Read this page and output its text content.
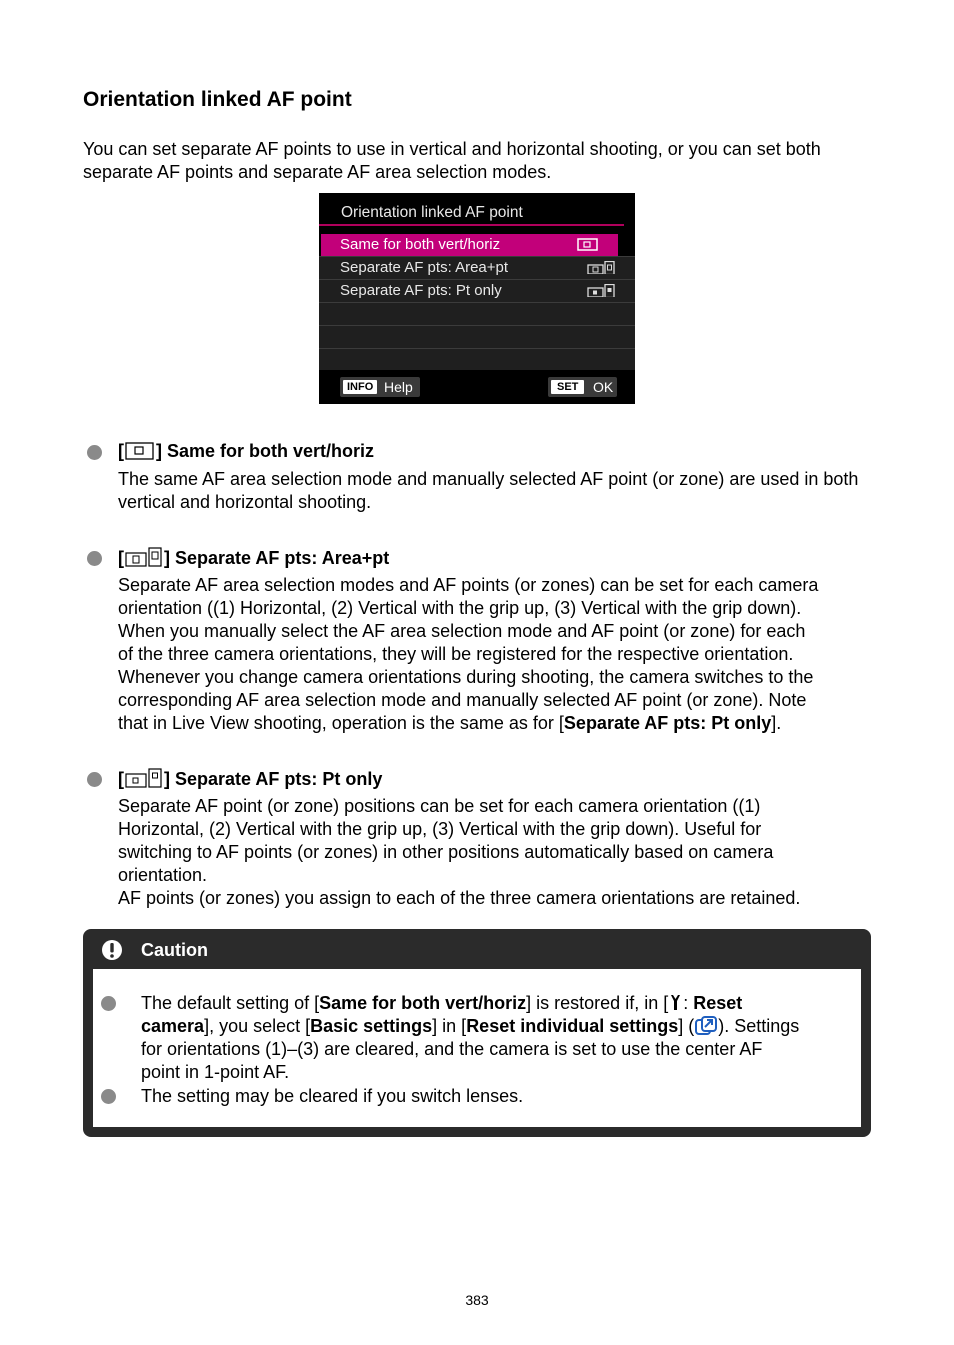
Orientation linked AF point
You can set separate AF points to use in vertical and horizontal shooting, or you can set both separate AF points and separate AF area selection modes.
Orientation linked AF point
Same for both vert/horiz
Separate AF pts: Area+pt
Separate AF pts: Pt only
INFO Help	SET	OK
[ ] Same for both vert/horiz
The same AF area selection mode and manually selected AF point (or zone) are used in both vertical and horizontal shooting.
[ ] Separate AF pts: Area+pt
Separate AF area selection modes and AF points (or zones) can be set for each camera
orientation ((1) Horizontal, (2) Vertical with the grip up, (3) Vertical with the grip down).
When you manually select the AF area selection mode and AF point (or zone) for each
of the three camera orientations, they will be registered for the respective orientation.
Whenever you change camera orientations during shooting, the camera switches to the
corresponding AF area selection mode and manually selected AF point (or zone). Note
that in Live View shooting, operation is the same as for [Separate AF pts: Pt only].
[ ] Separate AF pts: Pt only
Separate AF point (or zone) positions can be set for each camera orientation ((1)
Horizontal, (2) Vertical with the grip up, (3) Vertical with the grip down). Useful for
switching to AF points (or zones) in other positions automatically based on camera
orientation.
AF points (or zones) you assign to each of the three camera orientations are retained.
Caution
The default setting of [Same for both vert/horiz] is restored if, in [ : Reset
camera], you select [Basic settings] in [Reset individual settings] ( ). Settings
for orientations (1)–(3) are cleared, and the camera is set to use the center AF
point in 1-point AF.
The setting may be cleared if you switch lenses.
383
